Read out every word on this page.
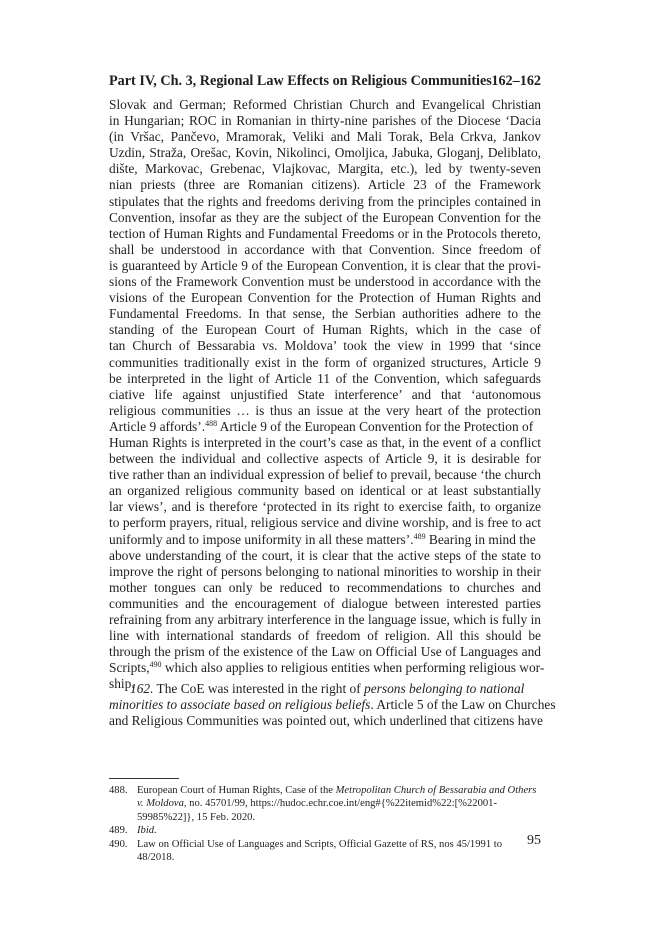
Part IV, Ch. 3, Regional Law Effects on Religious Communities 162–162
Slovak and German; Reformed Christian Church and Evangelical Christian
in Hungarian; ROC in Romanian in thirty-nine parishes of the Diocese ‘Dacia
(in Vršac, Pančevo, Mramorak, Veliki and Mali Torak, Bela Crkva, Jankov
Uzdin, Straža, Orešac, Kovin, Nikolinci, Omoljica, Jabuka, Gloganj, Deliblato,
dište, Markovac, Grebenac, Vlajkovac, Margita, etc.), led by twenty-seven
nian priests (three are Romanian citizens). Article 23 of the Framework
stipulates that the rights and freedoms deriving from the principles contained in
Convention, insofar as they are the subject of the European Convention for the
tection of Human Rights and Fundamental Freedoms or in the Protocols thereto,
shall be understood in accordance with that Convention. Since freedom of
is guaranteed by Article 9 of the European Convention, it is clear that the provi-
sions of the Framework Convention must be understood in accordance with the
visions of the European Convention for the Protection of Human Rights and
Fundamental Freedoms. In that sense, the Serbian authorities adhere to the
standing of the European Court of Human Rights, which in the case of
tan Church of Bessarabia vs. Moldova’ took the view in 1999 that ‘since
communities traditionally exist in the form of organized structures, Article 9
be interpreted in the light of Article 11 of the Convention, which safeguards
ciative life against unjustified State interference’ and that ‘autonomous
religious communities … is thus an issue at the very heart of the protection
Article 9 affords’.$^{488}$ Article 9 of the European Convention for the Protection of
Human Rights is interpreted in the court’s case as that, in the event of a conflict
between the individual and collective aspects of Article 9, it is desirable for
tive rather than an individual expression of belief to prevail, because ‘the church
an organized religious community based on identical or at least substantially
lar views’, and is therefore ‘protected in its right to exercise faith, to organize
to perform prayers, ritual, religious service and divine worship, and is free to act
uniformly and to impose uniformity in all these matters’.$^{489}$ Bearing in mind the
above understanding of the court, it is clear that the active steps of the state to
improve the right of persons belonging to national minorities to worship in their
mother tongues can only be reduced to recommendations to churches and
communities and the encouragement of dialogue between interested parties
refraining from any arbitrary interference in the language issue, which is fully in
line with international standards of freedom of religion. All this should be
through the prism of the existence of the Law on Official Use of Languages and
Scripts,$^{490}$ which also applies to religious entities when performing religious wor-
ship.
162. The CoE was interested in the right of persons belonging to national
minorities to associate based on religious beliefs. Article 5 of the Law on Churches
and Religious Communities was pointed out, which underlined that citizens have
488. European Court of Human Rights, Case of the Metropolitan Church of Bessarabia and Others v. Moldova, no. 45701/99, https://hudoc.echr.coe.int/eng#{%22itemid%22:[%22001-59985%22]}, 15 Feb. 2020.
489. Ibid.
490. Law on Official Use of Languages and Scripts, Official Gazette of RS, nos 45/1991 to 48/2018.
95
